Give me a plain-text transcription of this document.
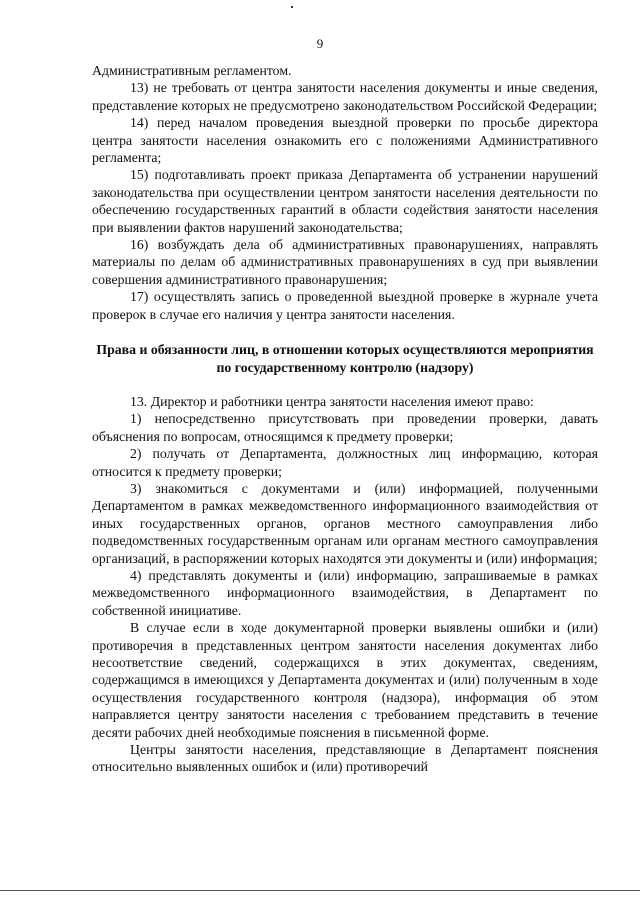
9

Административным регламентом.

13) не требовать от центра занятости населения документы и иные сведения, представление которых не предусмотрено законодательством Российской Федерации;

14) перед началом проведения выездной проверки по просьбе директора центра занятости населения ознакомить его с положениями Административного регламента;

15) подготавливать проект приказа Департамента об устранении нарушений законодательства при осуществлении центром занятости населения деятельности по обеспечению государственных гарантий в области содействия занятости населения при выявлении фактов нарушений законодательства;

16) возбуждать дела об административных правонарушениях, направлять материалы по делам об административных правонарушениях в суд при выявлении совершения административного правонарушения;

17) осуществлять запись о проведенной выездной проверке в журнале учета проверок в случае его наличия у центра занятости населения.

Права и обязанности лиц, в отношении которых осуществляются мероприятия по государственному контролю (надзору)

13. Директор и работники центра занятости населения имеют право:

1) непосредственно присутствовать при проведении проверки, давать объяснения по вопросам, относящимся к предмету проверки;

2) получать от Департамента, должностных лиц информацию, которая относится к предмету проверки;

3) знакомиться с документами и (или) информацией, полученными Департаментом в рамках межведомственного информационного взаимодействия от иных государственных органов, органов местного самоуправления либо подведомственных государственным органам или органам местного самоуправления организаций, в распоряжении которых находятся эти документы и (или) информация;

4) представлять документы и (или) информацию, запрашиваемые в рамках межведомственного информационного взаимодействия, в Департамент по собственной инициативе.

В случае если в ходе документарной проверки выявлены ошибки и (или) противоречия в представленных центром занятости населения документах либо несоответствие сведений, содержащихся в этих документах, сведениям, содержащимся в имеющихся у Департамента документах и (или) полученным в ходе осуществления государственного контроля (надзора), информация об этом направляется центру занятости населения с требованием представить в течение десяти рабочих дней необходимые пояснения в письменной форме.

Центры занятости населения, представляющие в Департамент пояснения относительно выявленных ошибок и (или) противоречий
